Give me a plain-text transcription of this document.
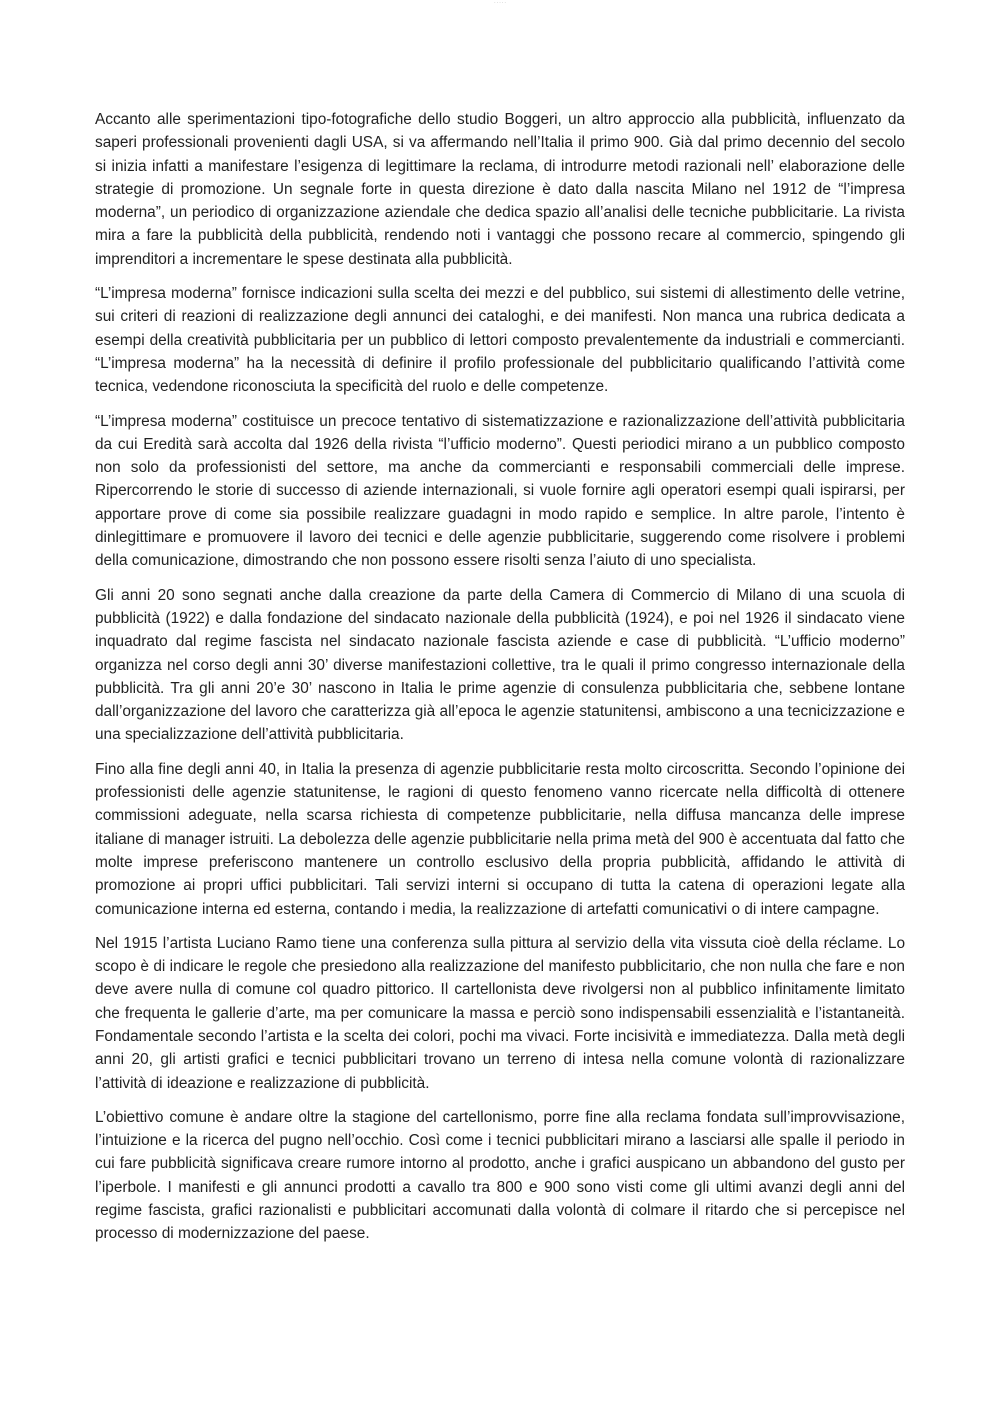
· · · · ·

Accanto alle sperimentazioni tipo-fotografiche dello studio Boggeri, un altro approccio alla pubblicità, influenzato da saperi professionali provenienti dagli USA, si va affermando nell’Italia il primo 900. Già dal primo decennio del secolo si inizia infatti a manifestare l’esigenza di legittimare la reclama, di introdurre metodi razionali nell’ elaborazione delle strategie di promozione. Un segnale forte in questa direzione è dato dalla nascita Milano nel 1912 de “l’impresa moderna”, un periodico di organizzazione aziendale che dedica spazio all’analisi delle tecniche pubblicitarie. La rivista mira a fare la pubblicità della pubblicità, rendendo noti i vantaggi che possono recare al commercio, spingendo gli imprenditori a incrementare le spese destinata alla pubblicità.

“L’impresa moderna” fornisce indicazioni sulla scelta dei mezzi e del pubblico, sui sistemi di allestimento delle vetrine, sui criteri di reazioni di realizzazione degli annunci dei cataloghi, e dei manifesti. Non manca una rubrica dedicata a esempi della creatività pubblicitaria per un pubblico di lettori composto prevalentemente da industriali e commercianti. “L’impresa moderna” ha la necessità di definire il profilo professionale del pubblicitario qualificando l’attività come tecnica, vedendone riconosciuta la specificità del ruolo e delle competenze.

“L’impresa moderna” costituisce un precoce tentativo di sistematizzazione e razionalizzazione dell’attività pubblicitaria da cui Eredità sarà accolta dal 1926 della rivista “l’ufficio moderno”. Questi periodici mirano a un pubblico composto non solo da professionisti del settore, ma anche da commercianti e responsabili commerciali delle imprese. Ripercorrendo le storie di successo di aziende internazionali, si vuole fornire agli operatori esempi quali ispirarsi, per apportare prove di come sia possibile realizzare guadagni in modo rapido e semplice. In altre parole, l’intento è dinlegittimare e promuovere il lavoro dei tecnici e delle agenzie pubblicitarie, suggerendo come risolvere i problemi della comunicazione, dimostrando che non possono essere risolti senza l’aiuto di uno specialista.

Gli anni 20 sono segnati anche dalla creazione da parte della Camera di Commercio di Milano di una scuola di pubblicità (1922) e dalla fondazione del sindacato nazionale della pubblicità (1924), e poi nel 1926 il sindacato viene inquadrato dal regime fascista nel sindacato nazionale fascista aziende e case di pubblicità. “L’ufficio moderno” organizza nel corso degli anni 30’ diverse manifestazioni collettive, tra le quali il primo congresso internazionale della pubblicità. Tra gli anni 20’e 30’ nascono in Italia le prime agenzie di consulenza pubblicitaria che, sebbene lontane dall’organizzazione del lavoro che caratterizza già all’epoca le agenzie statunitensi, ambiscono a una tecnicizzazione e una specializzazione dell’attività pubblicitaria.

Fino alla fine degli anni 40, in Italia la presenza di agenzie pubblicitarie resta molto circoscritta. Secondo l’opinione dei professionisti delle agenzie statunitense, le ragioni di questo fenomeno vanno ricercate nella difficoltà di ottenere commissioni adeguate, nella scarsa richiesta di competenze pubblicitarie, nella diffusa mancanza delle imprese italiane di manager istruiti. La debolezza delle agenzie pubblicitarie nella prima metà del 900 è accentuata dal fatto che molte imprese preferiscono mantenere un controllo esclusivo della propria pubblicità, affidando le attività di promozione ai propri uffici pubblicitari. Tali servizi interni si occupano di tutta la catena di operazioni legate alla comunicazione interna ed esterna, contando i media, la realizzazione di artefatti comunicativi o di intere campagne.

Nel 1915 l’artista Luciano Ramo tiene una conferenza sulla pittura al servizio della vita vissuta cioè della réclame. Lo scopo è di indicare le regole che presiedono alla realizzazione del manifesto pubblicitario, che non nulla che fare e non deve avere nulla di comune col quadro pittorico. Il cartellonista deve rivolgersi non al pubblico infinitamente limitato che frequenta le gallerie d’arte, ma per comunicare la massa e perciò sono indispensabili essenzialità e l’istantaneità. Fondamentale secondo l’artista e la scelta dei colori, pochi ma vivaci. Forte incisività e immediatezza. Dalla metà degli anni 20, gli artisti grafici e tecnici pubblicitari trovano un terreno di intesa nella comune volontà di razionalizzare l’attività di ideazione e realizzazione di pubblicità.

L’obiettivo comune è andare oltre la stagione del cartellonismo, porre fine alla reclama fondata sull’improvvisazione, l’intuizione e la ricerca del pugno nell’occhio. Così come i tecnici pubblicitari mirano a lasciarsi alle spalle il periodo in cui fare pubblicità significava creare rumore intorno al prodotto, anche i grafici auspicano un abbandono del gusto per l’iperbole. I manifesti e gli annunci prodotti a cavallo tra 800 e 900 sono visti come gli ultimi avanzi degli anni del regime fascista, grafici razionalisti e pubblicitari accomunati dalla volontà di colmare il ritardo che si percepisce nel processo di modernizzazione del paese.
